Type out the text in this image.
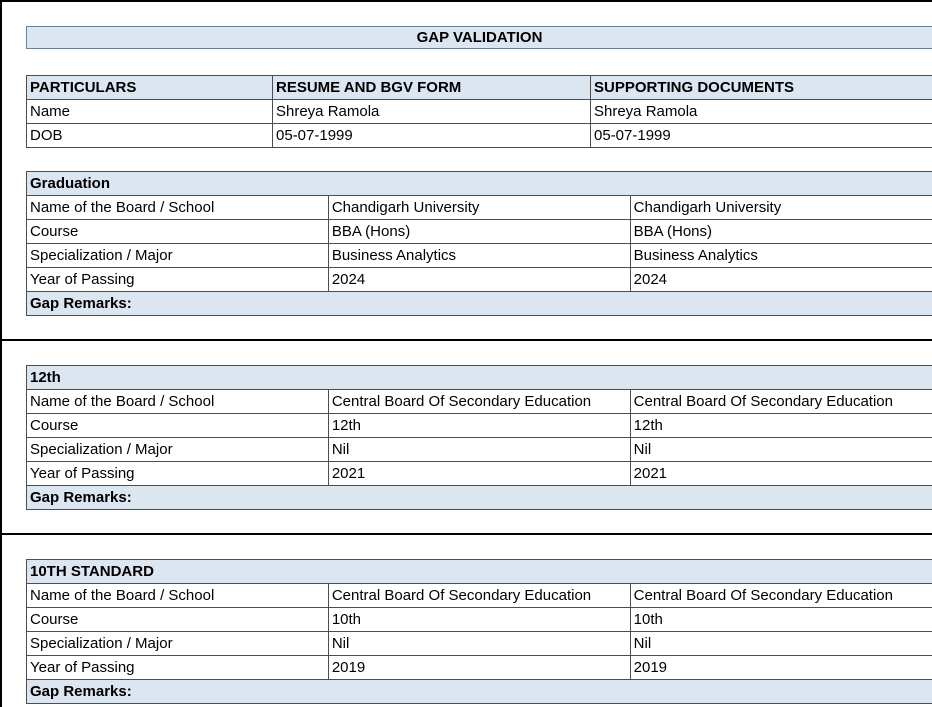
GAP VALIDATION
PARTICULARS	RESUME AND BGV FORM	SUPPORTING DOCUMENTS
Name	Shreya Ramola	Shreya Ramola
DOB	05-07-1999	05-07-1999
Graduation		
Name of the Board / School	Chandigarh University	Chandigarh University
Course	BBA (Hons)	BBA (Hons)
Specialization / Major	Business Analytics	Business Analytics
Year of Passing	2024	2024
Gap Remarks:		
12th		
Name of the Board / School	Central Board Of Secondary Education	Central Board Of Secondary Education
Course	12th	12th
Specialization / Major	Nil	Nil
Year of Passing	2021	2021
Gap Remarks:		
10TH STANDARD		
Name of the Board / School	Central Board Of Secondary Education	Central Board Of Secondary Education
Course	10th	10th
Specialization / Major	Nil	Nil
Year of Passing	2019	2019
Gap Remarks:		
